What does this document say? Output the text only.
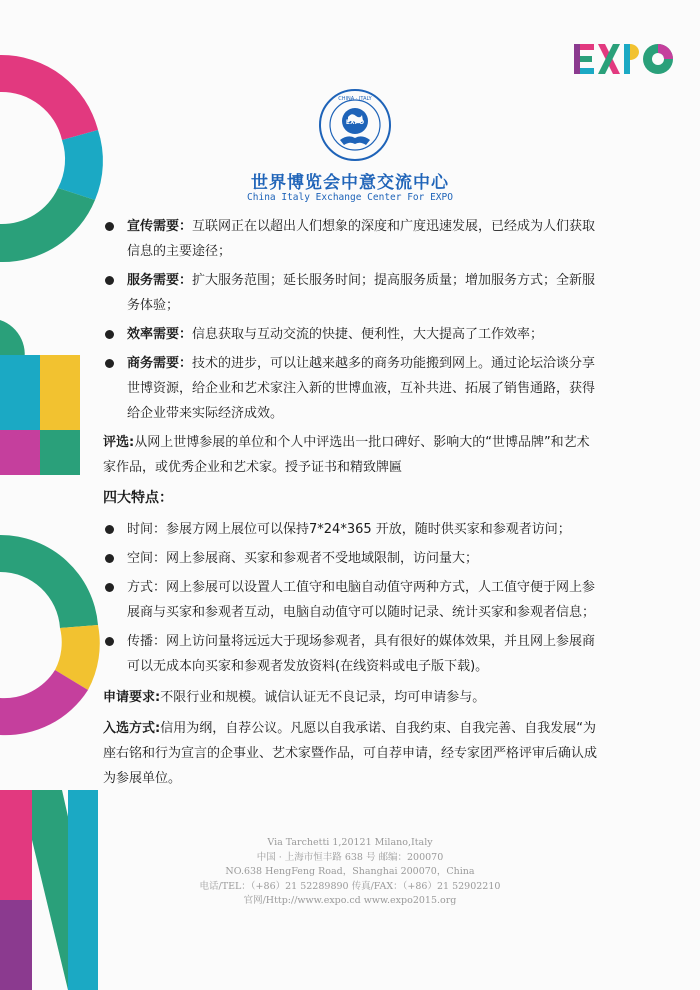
CHINA · ITALY
EXPO
世界博览会中意交流中心
China Italy Exchange Center For EXPO
宣传需要：互联网正在以超出人们想象的深度和广度迅速发展，已经成为人们获取信息的主要途径；
服务需要：扩大服务范围；延长服务时间；提高服务质量；增加服务方式；全新服务体验；
效率需要：信息获取与互动交流的快捷、便利性，大大提高了工作效率；
商务需要：技术的进步，可以让越来越多的商务功能搬到网上。通过论坛洽谈分享世博资源，给企业和艺术家注入新的世博血液，互补共进、拓展了销售通路，获得给企业带来实际经济成效。
评选:从网上世博参展的单位和个人中评选出一批口碑好、影响大的“世博品牌”和艺术家作品，或优秀企业和艺术家。授予证书和精致牌匾
四大特点：
时间：参展方网上展位可以保持7*24*365 开放，随时供买家和参观者访问；
空间：网上参展商、买家和参观者不受地域限制，访问量大；
方式：网上参展可以设置人工值守和电脑自动值守两种方式，人工值守便于网上参展商与买家和参观者互动，电脑自动值守可以随时记录、统计买家和参观者信息；
传播：网上访问量将远远大于现场参观者，具有很好的媒体效果，并且网上参展商可以无成本向买家和参观者发放资料(在线资料或电子版下载)。
申请要求:不限行业和规模。诚信认证无不良记录，均可申请参与。
入选方式:信用为纲，自荐公议。凡愿以自我承诺、自我约束、自我完善、自我发展“为座右铭和行为宣言的企事业、艺术家暨作品，可自荐申请，经专家团严格评审后确认成为参展单位。
Via Tarchetti 1,20121 Milano,Italy
中国 · 上海市恒丰路 638 号 邮编：200070
NO.638 HengFeng Road，Shanghai 200070，China
电话/TEL：（+86）21 52289890 传真/FAX：（+86）21 52902210
官网/Http://www.expo.cd www.expo2015.org
